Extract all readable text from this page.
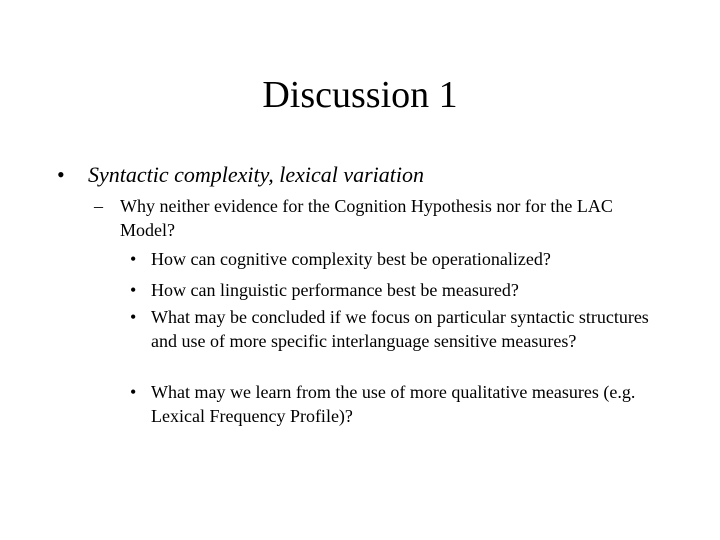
Discussion 1
•	Syntactic complexity, lexical variation
– Why neither evidence for the Cognition Hypothesis nor for the LAC Model?
• How can cognitive complexity best be operationalized?
• How can linguistic performance best be measured?
• What may be concluded if we focus on particular syntactic structures and use of more specific interlanguage sensitive measures?
• What may we learn from the use of more qualitative measures (e.g. Lexical Frequency Profile)?
